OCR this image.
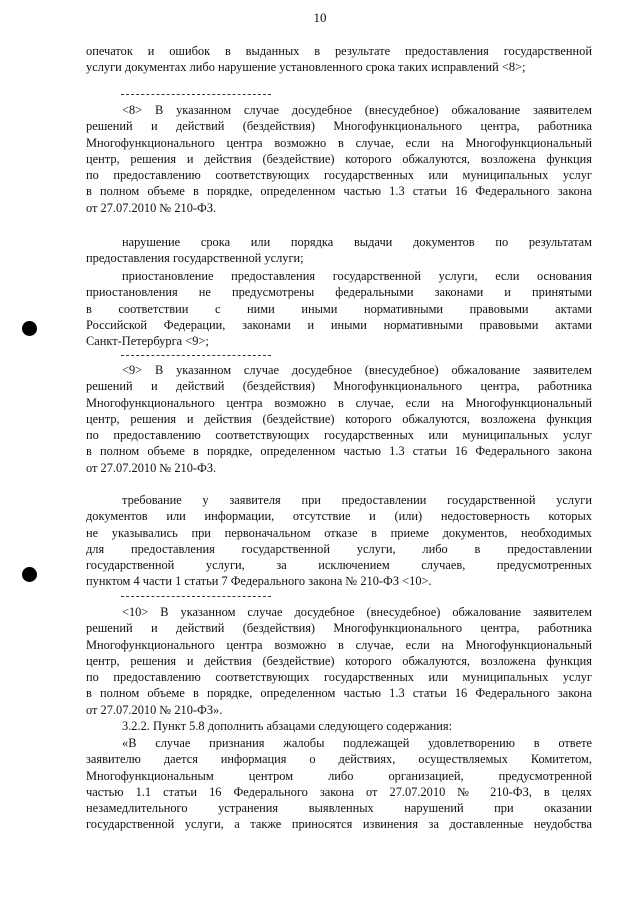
10
опечаток и ошибок в выданных в результате предоставления государственной
услуги документах либо нарушение установленного срока таких исправлений <8>;
<8> В указанном случае досудебное (внесудебное) обжалование заявителем
решений и действий (бездействия) Многофункционального центра, работника
Многофункционального центра возможно в случае, если на Многофункциональный
центр, решения и действия (бездействие) которого обжалуются, возложена функция
по предоставлению соответствующих государственных или муниципальных услуг
в полном объеме в порядке, определенном частью 1.3 статьи 16 Федерального закона
от 27.07.2010 № 210-ФЗ.
нарушение срока или порядка выдачи документов по результатам
предоставления государственной услуги;
приостановление предоставления государственной услуги, если основания
приостановления не предусмотрены федеральными законами и принятыми
в соответствии с ними иными нормативными правовыми актами
Российской Федерации, законами и иными нормативными правовыми актами
Санкт-Петербурга <9>;
<9> В указанном случае досудебное (внесудебное) обжалование заявителем
решений и действий (бездействия) Многофункционального центра, работника
Многофункционального центра возможно в случае, если на Многофункциональный
центр, решения и действия (бездействие) которого обжалуются, возложена функция
по предоставлению соответствующих государственных или муниципальных услуг
в полном объеме в порядке, определенном частью 1.3 статьи 16 Федерального закона
от 27.07.2010 № 210-ФЗ.
требование у заявителя при предоставлении государственной услуги
документов или информации, отсутствие и (или) недостоверность которых
не указывались при первоначальном отказе в приеме документов, необходимых
для предоставления государственной услуги, либо в предоставлении
государственной услуги, за исключением случаев, предусмотренных
пунктом 4 части 1 статьи 7 Федерального закона № 210-ФЗ <10>.
<10> В указанном случае досудебное (внесудебное) обжалование заявителем
решений и действий (бездействия) Многофункционального центра, работника
Многофункционального центра возможно в случае, если на Многофункциональный
центр, решения и действия (бездействие) которого обжалуются, возложена функция
по предоставлению соответствующих государственных или муниципальных услуг
в полном объеме в порядке, определенном частью 1.3 статьи 16 Федерального закона
от 27.07.2010 № 210-ФЗ».
3.2.2. Пункт 5.8 дополнить абзацами следующего содержания:
«В случае признания жалобы подлежащей удовлетворению в ответе
заявителю дается информация о действиях, осуществляемых Комитетом,
Многофункциональным центром либо организацией, предусмотренной
частью 1.1 статьи 16 Федерального закона от 27.07.2010 № 210-ФЗ, в целях
незамедлительного устранения выявленных нарушений при оказании
государственной услуги, а также приносятся извинения за доставленные неудобства
